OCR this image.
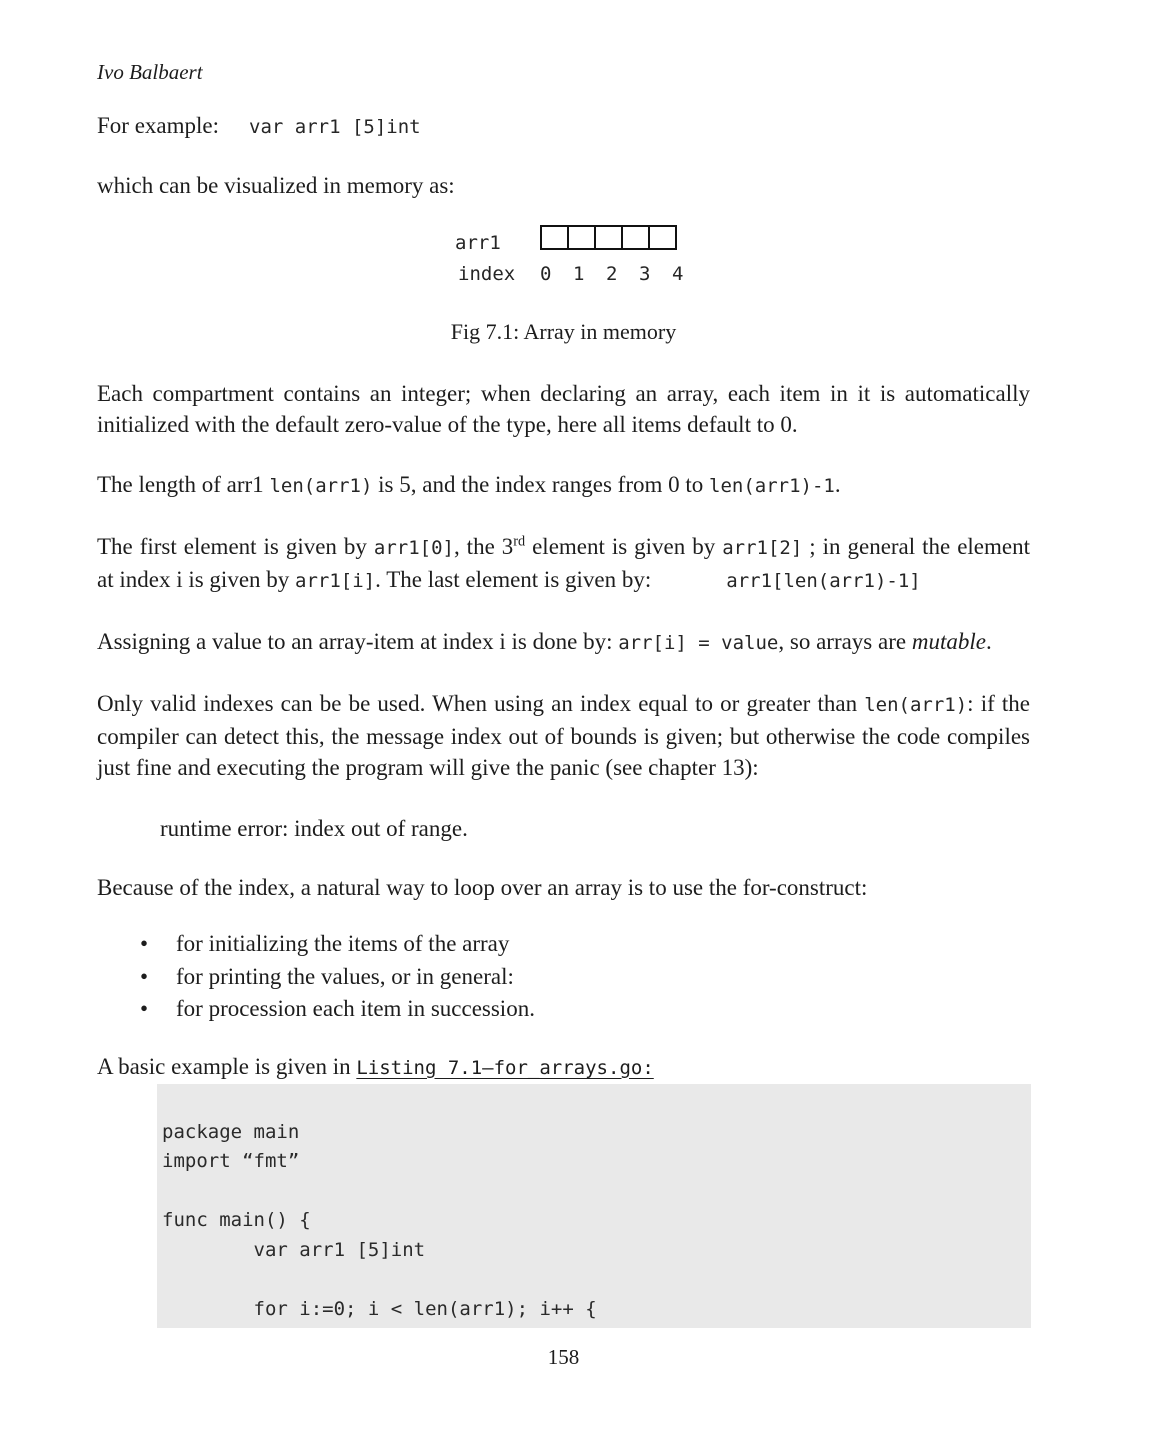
Ivo Balbaert
For example: var arr1 [5]int
which can be visualized in memory as:
arr1
index	0	1	2	3	4
Fig 7.1: Array in memory
Each compartment contains an integer; when declaring an array, each item in it is automatically initialized with the default zero-value of the type, here all items default to 0.
The length of arr1 len(arr1) is 5, and the index ranges from 0 to len(arr1)-1.
The first element is given by arr1[0], the 3rd element is given by arr1[2] ; in general the element at index i is given by arr1[i]. The last element is given by:	arr1[len(arr1)-1]
Assigning a value to an array-item at index i is done by: arr[i] = value, so arrays are mutable.
Only valid indexes can be be used. When using an index equal to or greater than len(arr1): if the compiler can detect this, the message index out of bounds is given; but otherwise the code compiles just fine and executing the program will give the panic (see chapter 13):
runtime error: index out of range.
Because of the index, a natural way to loop over an array is to use the for-construct:
•	for initializing the items of the array
•	for printing the values, or in general:
•	for procession each item in succession.
A basic example is given in Listing 7.1—for_arrays.go:
package main
import “fmt”
func main() {
var arr1 [5]int
for i:=0; i < len(arr1); i++ {
158
